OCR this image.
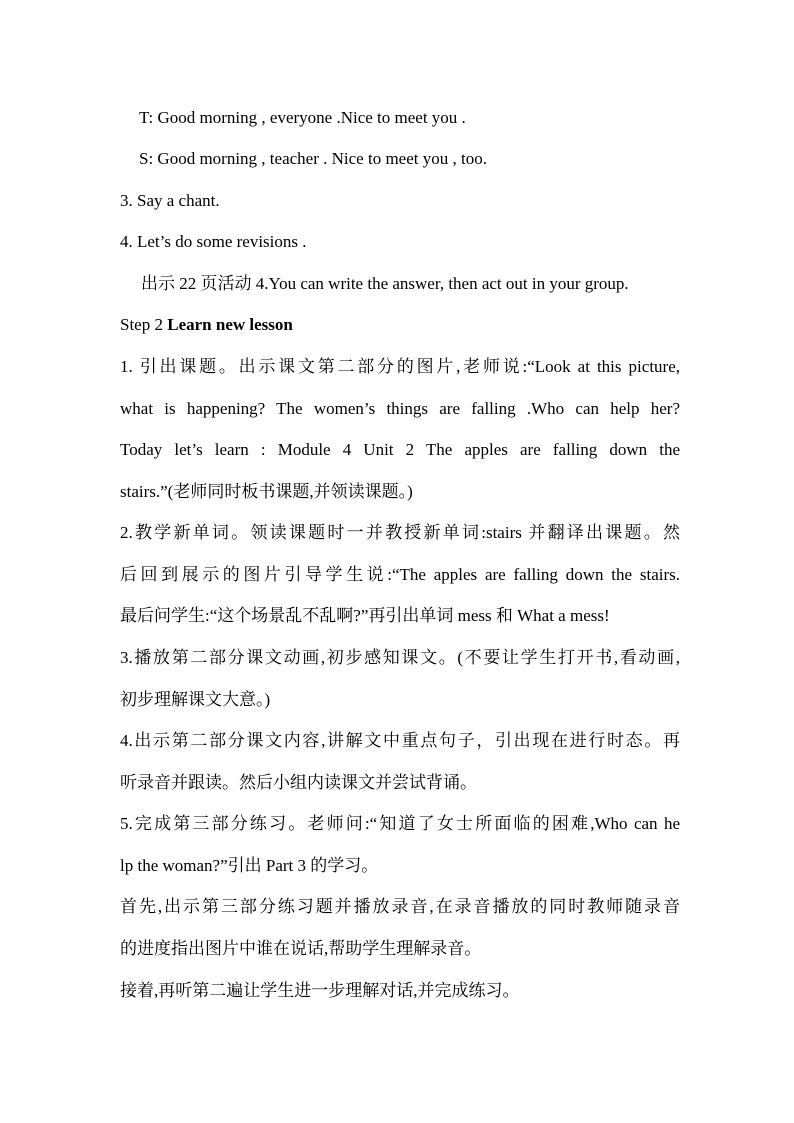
T: Good morning , everyone .Nice to meet you .
S: Good morning , teacher . Nice to meet you , too.
3. Say a chant.
4. Let’s do some revisions .
出示 22 页活动 4.You can write the answer, then act out in your group.
Step 2 Learn new lesson
1. 引出课题。出示课文第二部分的图片,老师说:“Look at this picture,
what is happening? The women’s things are falling .Who can help her?
Today let’s learn : Module 4 Unit 2 The apples are falling down the
stairs.”(老师同时板书课题,并领读课题。)
2.教学新单词。领读课题时一并教授新单词:stairs 并翻译出课题。然
后回到展示的图片引导学生说:“The apples are falling down the stairs.
最后问学生:“这个场景乱不乱啊?”再引出单词 mess 和 What a mess!
3.播放第二部分课文动画,初步感知课文。(不要让学生打开书,看动画,
初步理解课文大意。)
4.出示第二部分课文内容,讲解文中重点句子，引出现在进行时态。再
听录音并跟读。然后小组内读课文并尝试背诵。
5.完成第三部分练习。老师问:“知道了女士所面临的困难,Who can he
lp the woman?”引出 Part 3 的学习。
首先,出示第三部分练习题并播放录音,在录音播放的同时教师随录音
的进度指出图片中谁在说话,帮助学生理解录音。
接着,再听第二遍让学生进一步理解对话,并完成练习。
